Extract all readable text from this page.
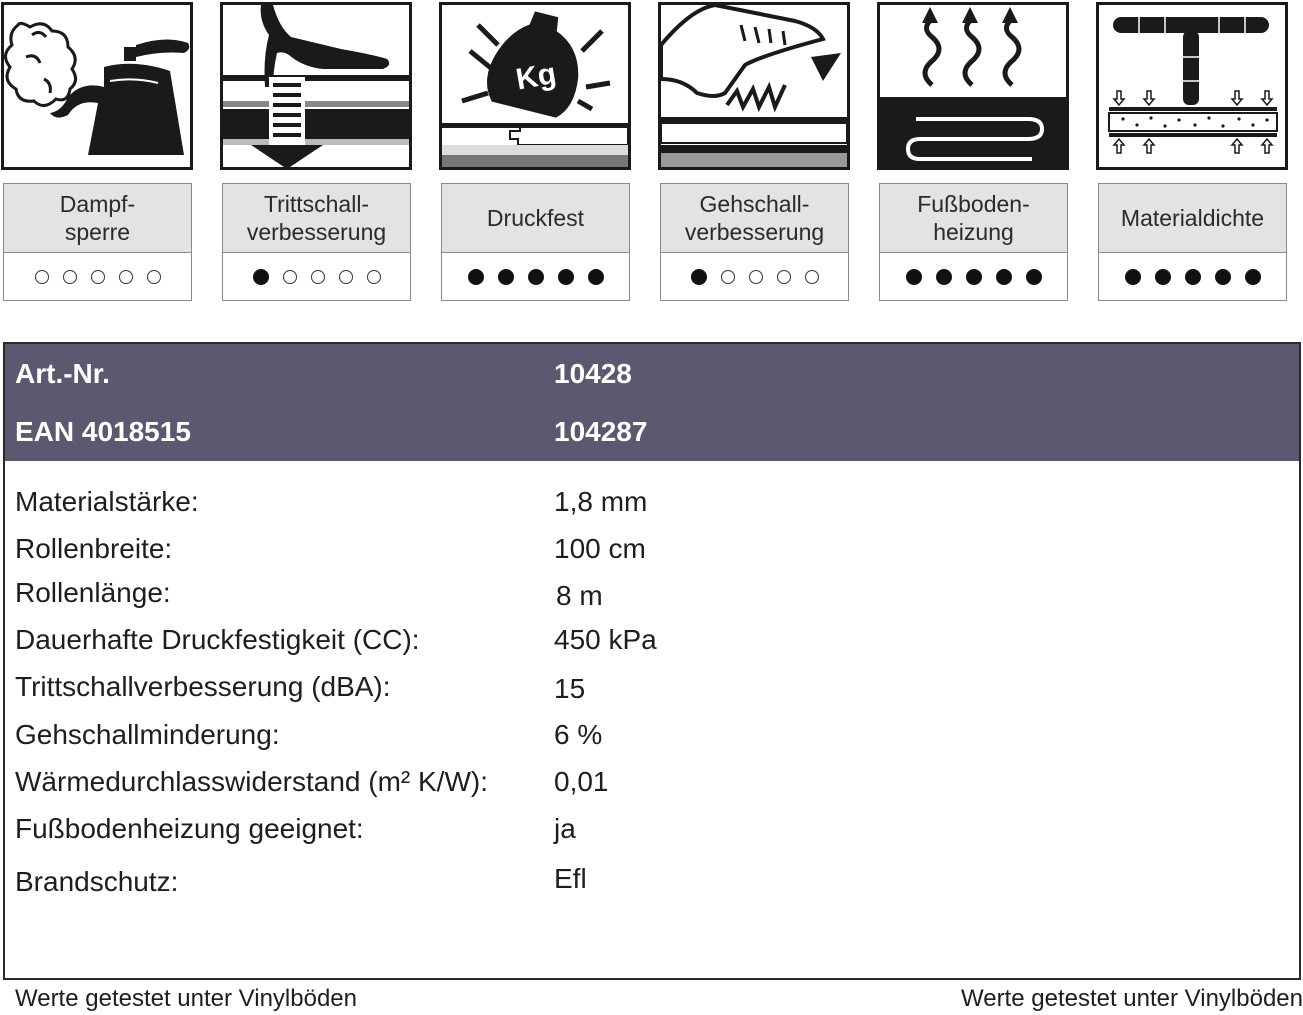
Dampf-
sperre
Trittschall-
verbesserung
Kg
Druckfest
Gehschall-
verbesserung
Fußboden-
heizung
Materialdichte
Art.-Nr.	10428
EAN 4018515	104287
Materialstärke:	1,8 mm
Rollenbreite:	100 cm
Rollenlänge:	8 m
Dauerhafte Druckfestigkeit (CC):	450 kPa
Trittschallverbesserung (dBA):	15
Gehschallminderung:	6 %
Wärmedurchlasswiderstand (m² K/W): 0,01
Fußbodenheizung geeignet:	ja
Brandschutz:	Efl
Werte getestet unter Vinylböden	Werte getestet unter Vinylböden
